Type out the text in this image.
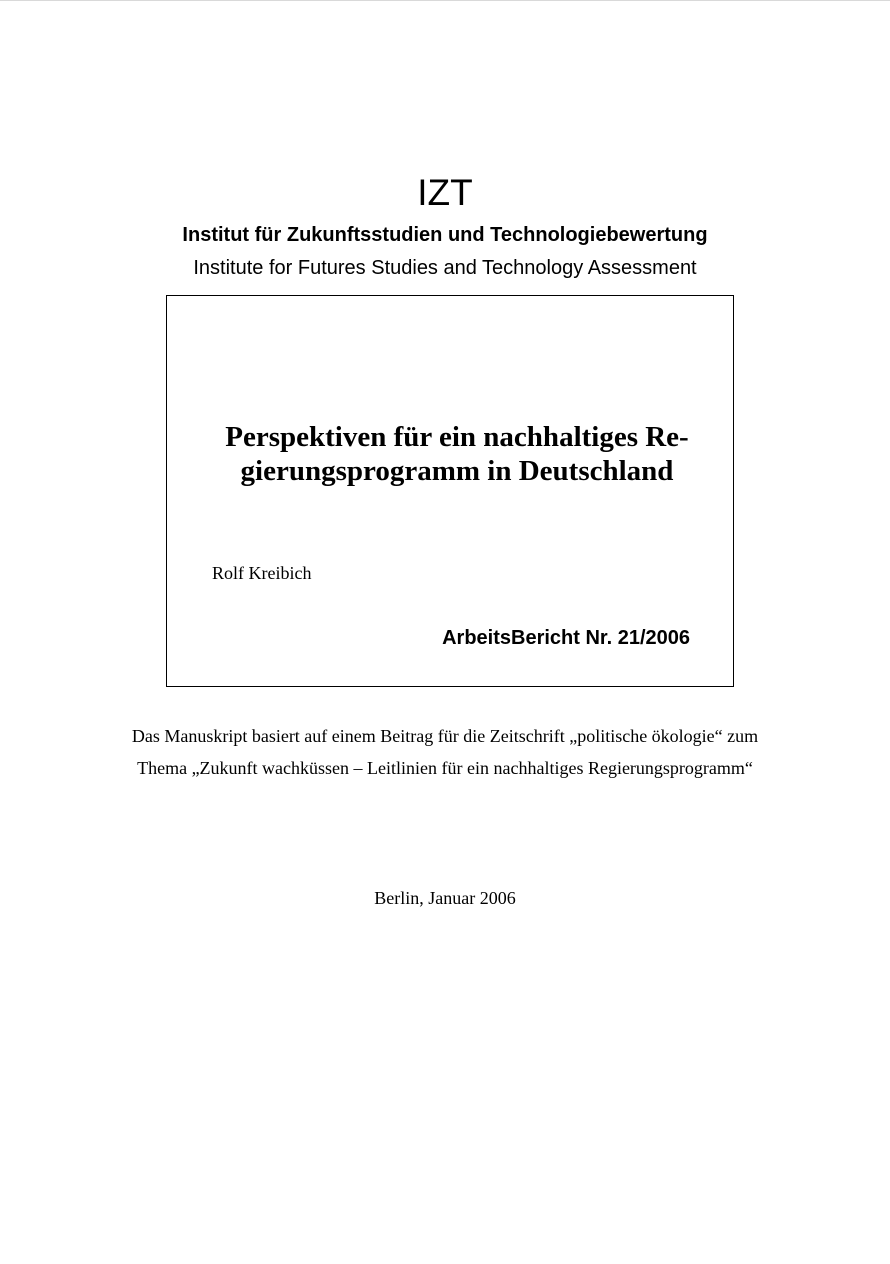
IZT
Institut für Zukunftsstudien und Technologiebewertung
Institute for Futures Studies and Technology Assessment
Perspektiven für ein nachhaltiges Re-
gierungsprogramm in Deutschland
Rolf Kreibich
ArbeitsBericht Nr. 21/2006
Das Manuskript basiert auf einem Beitrag für die Zeitschrift „politische ökologie“ zum
Thema „Zukunft wachküssen – Leitlinien für ein nachhaltiges Regierungsprogramm“
Berlin, Januar 2006
